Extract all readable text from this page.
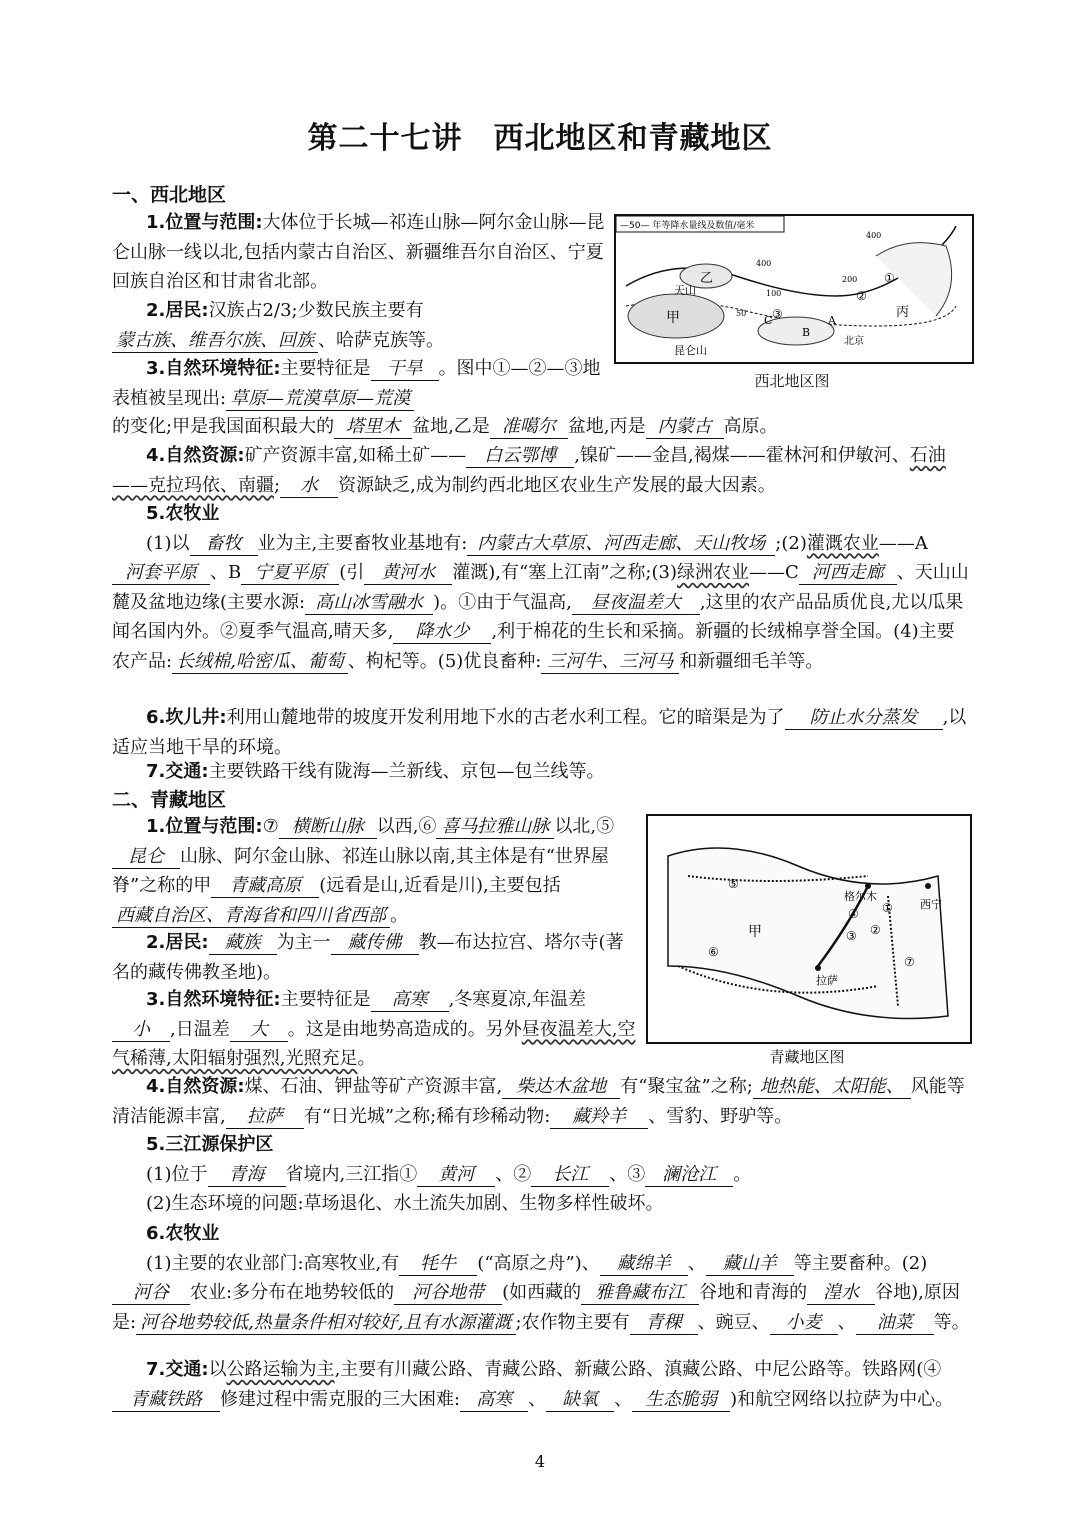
第二十七讲　西北地区和青藏地区
一、西北地区
1.位置与范围:大体位于长城—祁连山脉—阿尔金山脉—昆仑山脉一线以北,包括内蒙古自治区、新疆维吾尔自治区、宁夏回族自治区和甘肃省北部。
2.居民:汉族占2/3;少数民族主要有蒙古族、维吾尔族、回族 、哈萨克族等。
3.自然环境特征:主要特征是 干旱 。图中①—②—③地表植被呈现出: 草原—荒漠草原—荒漠
的变化;甲是我国面积最大的 塔里木 盆地,乙是 准噶尔 盆地,丙是 内蒙古 高原。
4.自然资源:矿产资源丰富,如稀土矿—— 白云鄂博 ,镍矿——金昌,褐煤——霍林河和伊敏河、石油——克拉玛依、南疆; 水 资源缺乏,成为制约西北地区农业生产发展的最大因素。
5.农牧业
(1)以 畜牧 业为主,主要畜牧业基地有: 内蒙古大草原、河西走廊、天山牧场 ;(2)灌溉农业——A河套平原 、B 宁夏平原 (引 黄河水 灌溉),有“塞上江南”之称;(3)绿洲农业——C 河西走廊 、天山山麓及盆地边缘(主要水源: 高山冰雪融水 )。①由于气温高, 昼夜温差大 ,这里的农产品品质优良,尤以瓜果闻名国内外。②夏季气温高,晴天多, 降水少 ,利于棉花的生长和采摘。新疆的长绒棉享誉全国。(4)主要农产品: 长绒棉,哈密瓜、葡萄 、枸杞等。(5)优良畜种: 三河牛、三河马 和新疆细毛羊等。
6.坎儿井:利用山麓地带的坡度开发利用地下水的古老水利工程。它的暗渠是为了 防止水分蒸发 ,以适应当地干旱的环境。
7.交通:主要铁路干线有陇海—兰新线、京包—包兰线等。
—50— 年等降水量线及数值/毫米
甲
乙
丙
天山
昆仑山
北京
A
B
C
①
②
③
400
200
50
100
400
西北地区图
二、青藏地区
1.位置与范围:⑦ 横断山脉 以西,⑥ 喜马拉雅山脉 以北,⑤昆仑 山脉、阿尔金山脉、祁连山脉以南,其主体是有“世界屋脊”之称的甲 青藏高原 (远看是山,近看是川),主要包括西藏自治区、青海省和四川省西部 。
2.居民: 藏族 为主一 藏传佛 教—布达拉宫、塔尔寺(著名的藏传佛教圣地)。
3.自然环境特征:主要特征是 高寒 ,冬寒夏凉,年温差小 ,日温差 大 。这是由地势高造成的。另外昼夜温差大,空气稀薄,太阳辐射强烈,光照充足。
4.自然资源:煤、石油、钾盐等矿产资源丰富, 柴达木盆地 有“聚宝盆”之称; 地热能、太阳能、 风能等清洁能源丰富, 拉萨 有“日光城”之称;稀有珍稀动物: 藏羚羊 、雪豹、野驴等。
5.三江源保护区
(1)位于 青海 省境内,三江指① 黄河 、② 长江 、③ 澜沧江 。
(2)生态环境的问题:草场退化、水土流失加剧、生物多样性破坏。
6.农牧业
(1)主要的农业部门:高寒牧业,有 牦牛 (“高原之舟”)、 藏绵羊 、 藏山羊 等主要畜种。(2)河谷 农业:多分布在地势较低的 河谷地带 (如西藏的 雅鲁藏布江 谷地和青海的 湟水 谷地),原因是: 河谷地势较低,热量条件相对较好,且有水源灌溉 ;农作物主要有 青稞 、豌豆、 小麦 、 油菜 等。
7.交通:以公路运输为主,主要有川藏公路、青藏公路、新藏公路、滇藏公路、中尼公路等。铁路网(④青藏铁路 修建过程中需克服的三大困难: 高寒 、 缺氧 、 生态脆弱 )和航空网络以拉萨为中心。
甲
格尔木
西宁
拉萨
①
②
③
④
⑤
⑥
⑦
青藏地区图
4
